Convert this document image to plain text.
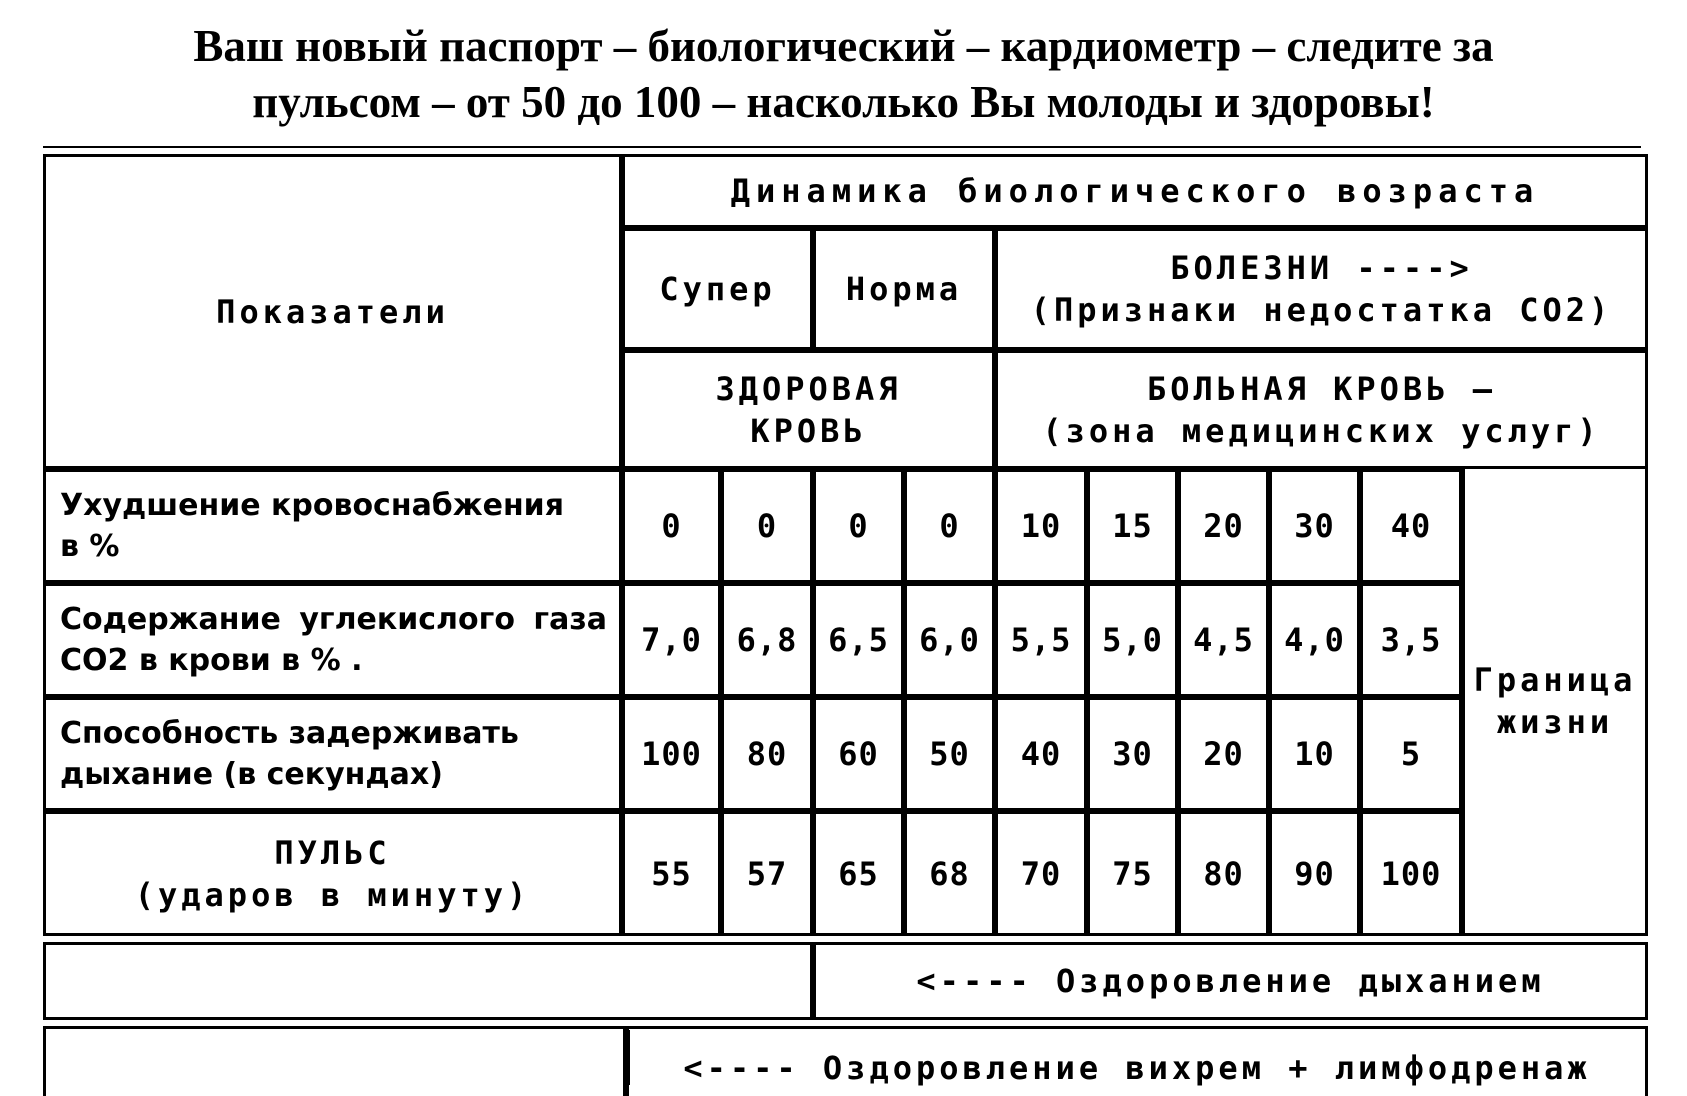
Ваш новый паспорт – биологический – кардиометр – следите за
пульсом – от 50 до 100 – насколько Вы молоды и здоровы!
Показатели
Динамика биологического возраста
Супер Норма
БОЛЕЗНИ ---->
(Признаки недостатка СО2)
ЗДОРОВАЯ
КРОВЬ
БОЛЬНАЯ КРОВЬ –
(зона медицинских услуг)
Ухудшение кровоснабжения
в %
0 0 0 0 10 15 20 30 40
Содержание углекислого газа СО2 в крови в % .
7,0 6,8 6,5 6,0 5,5 5,0 4,5 4,0 3,5
Способность задерживать
дыхание (в секундах)
100 80 60 50 40 30 20 10 5
ПУЛЬС
(ударов в минуту)
55 57 65 68 70 75 80 90 100
Граница
жизни
<---- Оздоровление дыханием
<---- Оздоровление вихрем + лимфодренаж
